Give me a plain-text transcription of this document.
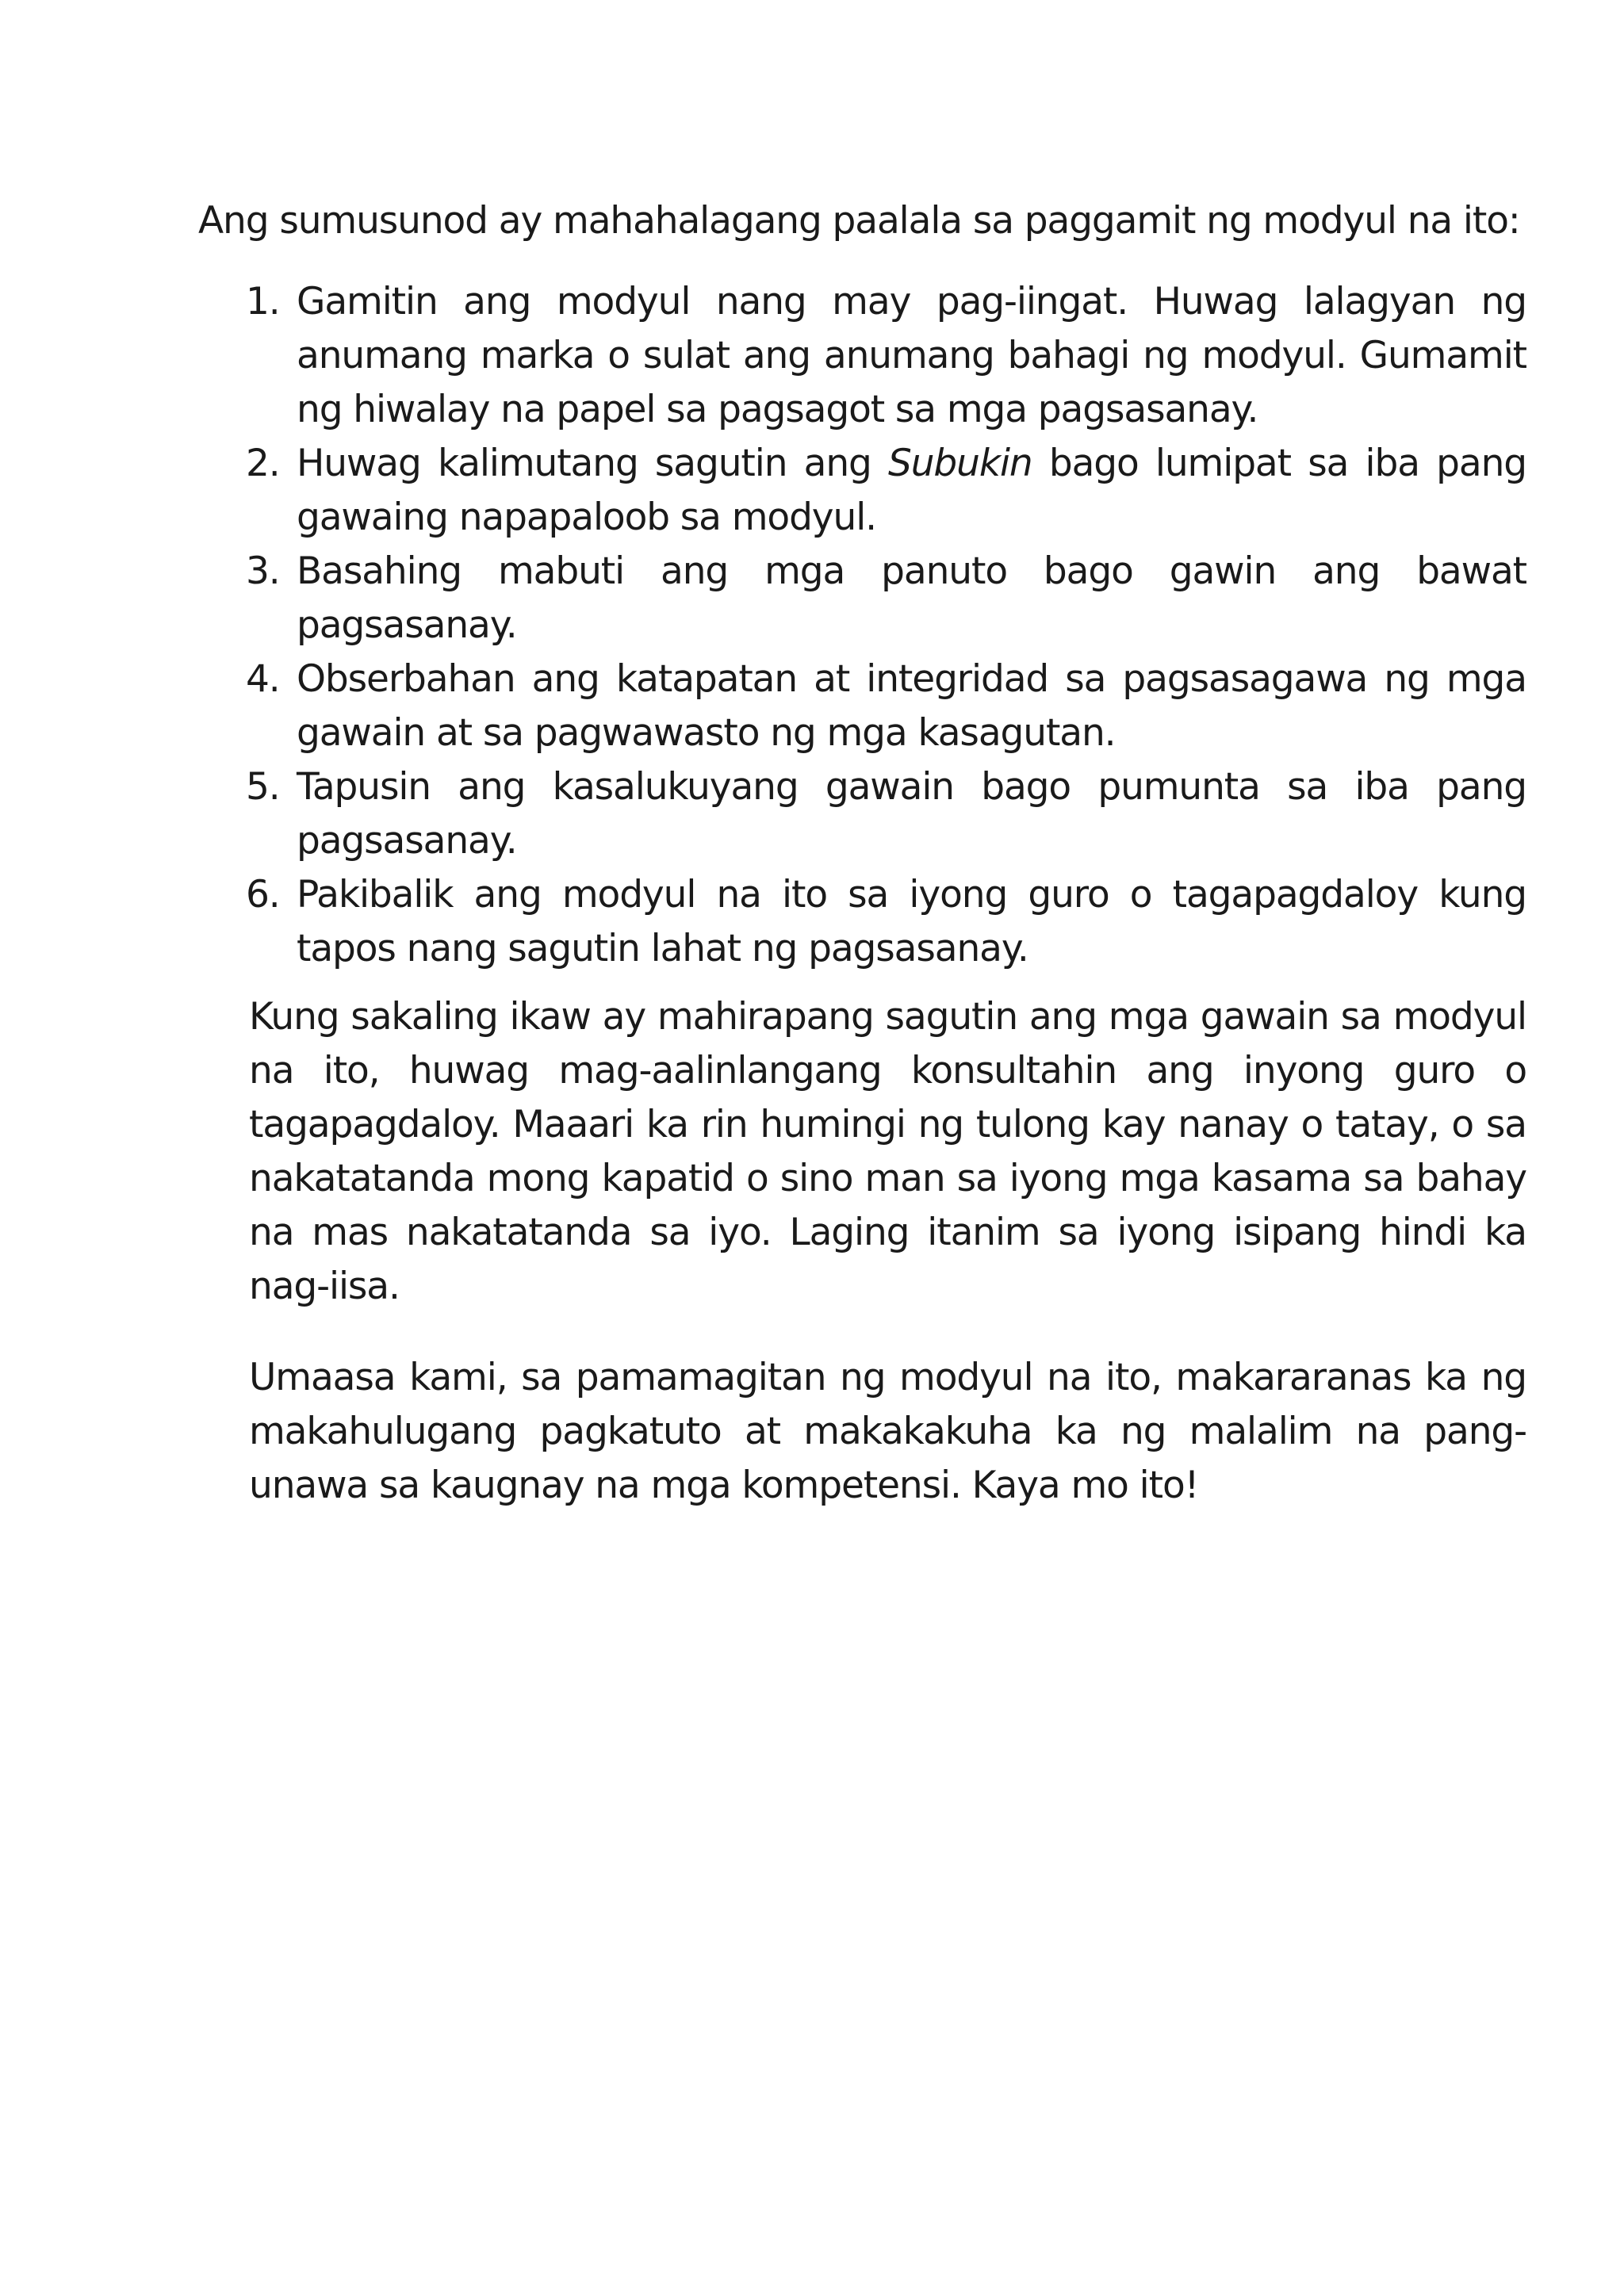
Ang sumusunod ay mahahalagang paalala sa paggamit ng modyul na ito:

1. Gamitin ang modyul nang may pag-iingat. Huwag lalagyan ng anumang marka o sulat ang anumang bahagi ng modyul. Gumamit ng hiwalay na papel sa pagsagot sa mga pagsasanay.
2. Huwag kalimutang sagutin ang Subukin bago lumipat sa iba pang gawaing napapaloob sa modyul.
3. Basahing mabuti ang mga panuto bago gawin ang bawat pagsasanay.
4. Obserbahan ang katapatan at integridad sa pagsasagawa ng mga gawain at sa pagwawasto ng mga kasagutan.
5. Tapusin ang kasalukuyang gawain bago pumunta sa iba pang pagsasanay.
6. Pakibalik ang modyul na ito sa iyong guro o tagapagdaloy kung tapos nang sagutin lahat ng pagsasanay.

Kung sakaling ikaw ay mahirapang sagutin ang mga gawain sa modyul na ito, huwag mag-aalinlangang konsultahin ang inyong guro o tagapagdaloy. Maaari ka rin humingi ng tulong kay nanay o tatay, o sa nakatatanda mong kapatid o sino man sa iyong mga kasama sa bahay na mas nakatatanda sa iyo. Laging itanim sa iyong isipang hindi ka nag-iisa.

Umaasa kami, sa pamamagitan ng modyul na ito, makararanas ka ng makahulugang pagkatuto at makakakuha ka ng malalim na pang-unawa sa kaugnay na mga kompetensi. Kaya mo ito!
